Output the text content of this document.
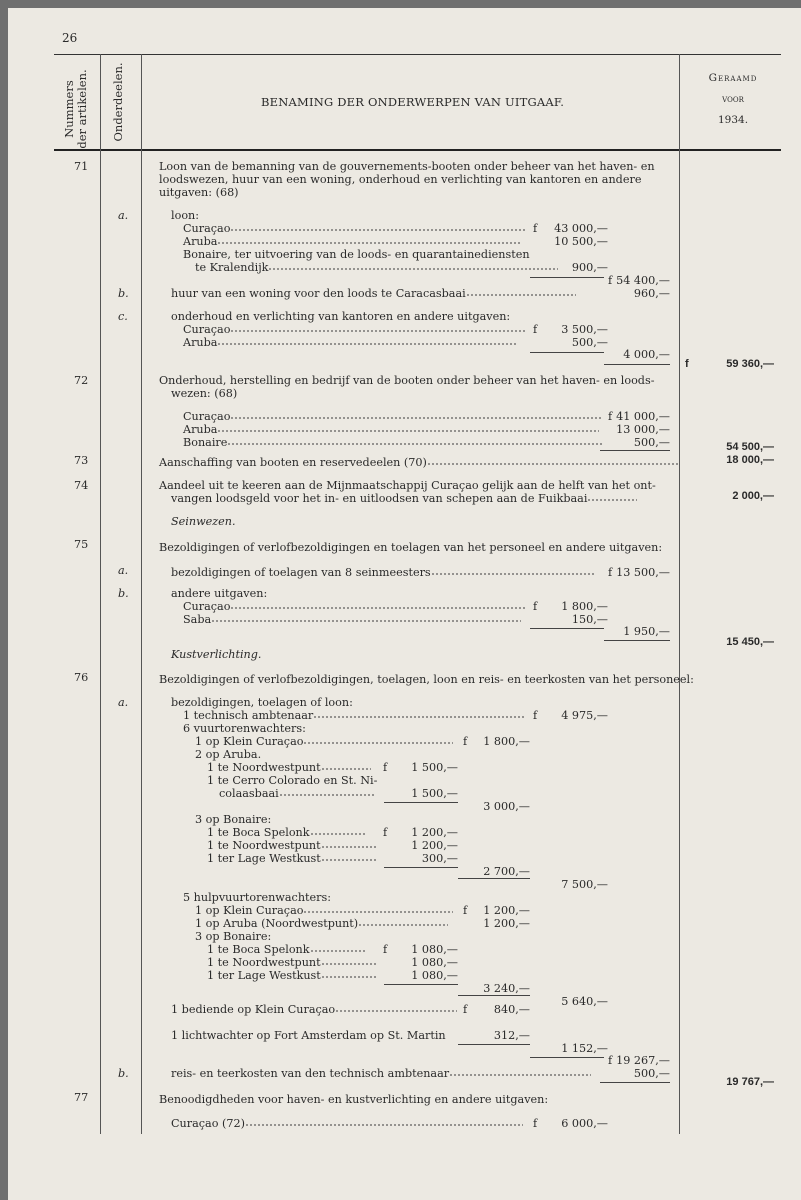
26
Nummers der artikelen. Onderdeelen.	BENAMING DER ONDERWERPEN VAN UITGAAF.
Geraamd
voor
1934.
71	Loon van de bemanning van de gouvernements-booten onder beheer van het haven- en
loodswezen, huur van een woning, onderhoud en verlichting van kantoren en andere
uitgaven: (68)
a.	loon:
Curaçao	f	43 000,—
Aruba	10 500,—
Bonaire, ter uitvoering van de loods- en quarantainediensten
te Kralendijk	900,—
f 54 400,—
b.	huur van een woning voor den loods te Caracasbaai	960,—
c.	onderhoud en verlichting van kantoren en andere uitgaven:
Curaçao	f	3 500,—
Aruba	500,—
4 000,—
f	59 360,—
72	Onderhoud, herstelling en bedrijf van de booten onder beheer van het haven- en loods-
wezen: (68)
Curaçao	f 41 000,—
Aruba	13 000,—
Bonaire	500,—	54 500,—
73	Aanschaffing van booten en reservedeelen (70)	18 000,—
74	Aandeel uit te keeren aan de Mijnmaatschappij Curaçao gelijk aan de helft van het ont-
vangen loodsgeld voor het in- en uitloodsen van schepen aan de Fuikbaai	2 000,—
Seinwezen.
75	Bezoldigingen of verlofbezoldigingen en toelagen van het personeel en andere uitgaven:
a.	bezoldigingen of toelagen van 8 seinmeesters	f 13 500,—
b.	andere uitgaven:
Curaçao	f	1 800,—
Saba	150,—
1 950,—
15 450,—
Kustverlichting.
76	Bezoldigingen of verlofbezoldigingen, toelagen, loon en reis- en teerkosten van het personeel:
a.	bezoldigingen, toelagen of loon:
1 technisch ambtenaar	f	4 975,—
6 vuurtorenwachters:
1 op Klein Curaçao	f	1 800,—
2 op Aruba.
1 te Noordwestpunt	f	1 500,—
1 te Cerro Colorado en St. Ni-
colaasbaai	1 500,—
3 000,—
3 op Bonaire:
1 te Boca Spelonk	f	1 200,—
1 te Noordwestpunt	1 200,—
1 ter Lage Westkust	300,—
2 700,—
7 500,—
5 hulpvuurtorenwachters:
1 op Klein Curaçao	f	1 200,—
1 op Aruba (Noordwestpunt)	1 200,—
3 op Bonaire:
1 te Boca Spelonk	f	1 080,—
1 te Noordwestpunt	1 080,—
1 ter Lage Westkust	1 080,—
3 240,—
5 640,—
1 bediende op Klein Curaçao	f	840,—
1 lichtwachter op Fort Amsterdam op St. Martin	312,—
1 152,—
f 19 267,—
b.	reis- en teerkosten van den technisch ambtenaar	500,—
19 767,—
77	Benoodigdheden voor haven- en kustverlichting en andere uitgaven:
Curaçao (72)	f	6 000,—
